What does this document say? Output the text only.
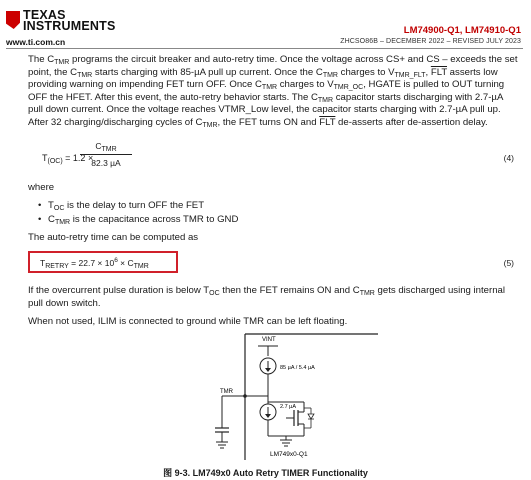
TEXAS
INSTRUMENTS
www.ti.com.cn
LM74900-Q1, LM74910-Q1
ZHCSO86B – DECEMBER 2022 – REVISED JULY 2023

The $C_{TMR}$ programs the circuit breaker and auto-retry time. Once the voltage across CS+ and CS – exceeds the set point, the $C_{TMR}$ starts charging with 85-µA pull up current. Once the $C_{TMR}$ charges to $V_{TMR\_FLT}$, $\overline{FLT}$ asserts low providing warning on impending FET turn OFF. Once $C_{TMR}$ charges to $V_{TMR\_OC}$, HGATE is pulled to OUT turning OFF the HFET. After this event, the auto-retry behavior starts. The $C_{TMR}$ capacitor starts discharging with 2.7-µA pull down current. Once the voltage reaches VTMR_Low level, the capacitor starts charging with 2.7-µA pull up. After 32 charging/discharging cycles of $C_{TMR}$, the FET turns ON and $\overline{FLT}$ de-asserts after de-assertion delay.

$T_{(OC)} = 1.2$ ×
$C_{TMR}$
82.3 µA
(4)

where

• $T_{OC}$ is the delay to turn OFF the FET
• $C_{TMR}$ is the capacitance across TMR to GND

The auto-retry time can be computed as

$T_{RETRY} = 22.7 \times 10^6 \times C_{TMR}$	(5)

If the overcurrent pulse duration is below $T_{OC}$ then the FET remains ON and $C_{TMR}$ gets discharged using internal pull down switch.

When not used, ILIM is connected to ground while TMR can be left floating.

VINT
85 µA / 5.4 µA
TMR
2.7 µA
LM749x0-Q1
图 9-3. LM749x0 Auto Retry TIMER Functionality
